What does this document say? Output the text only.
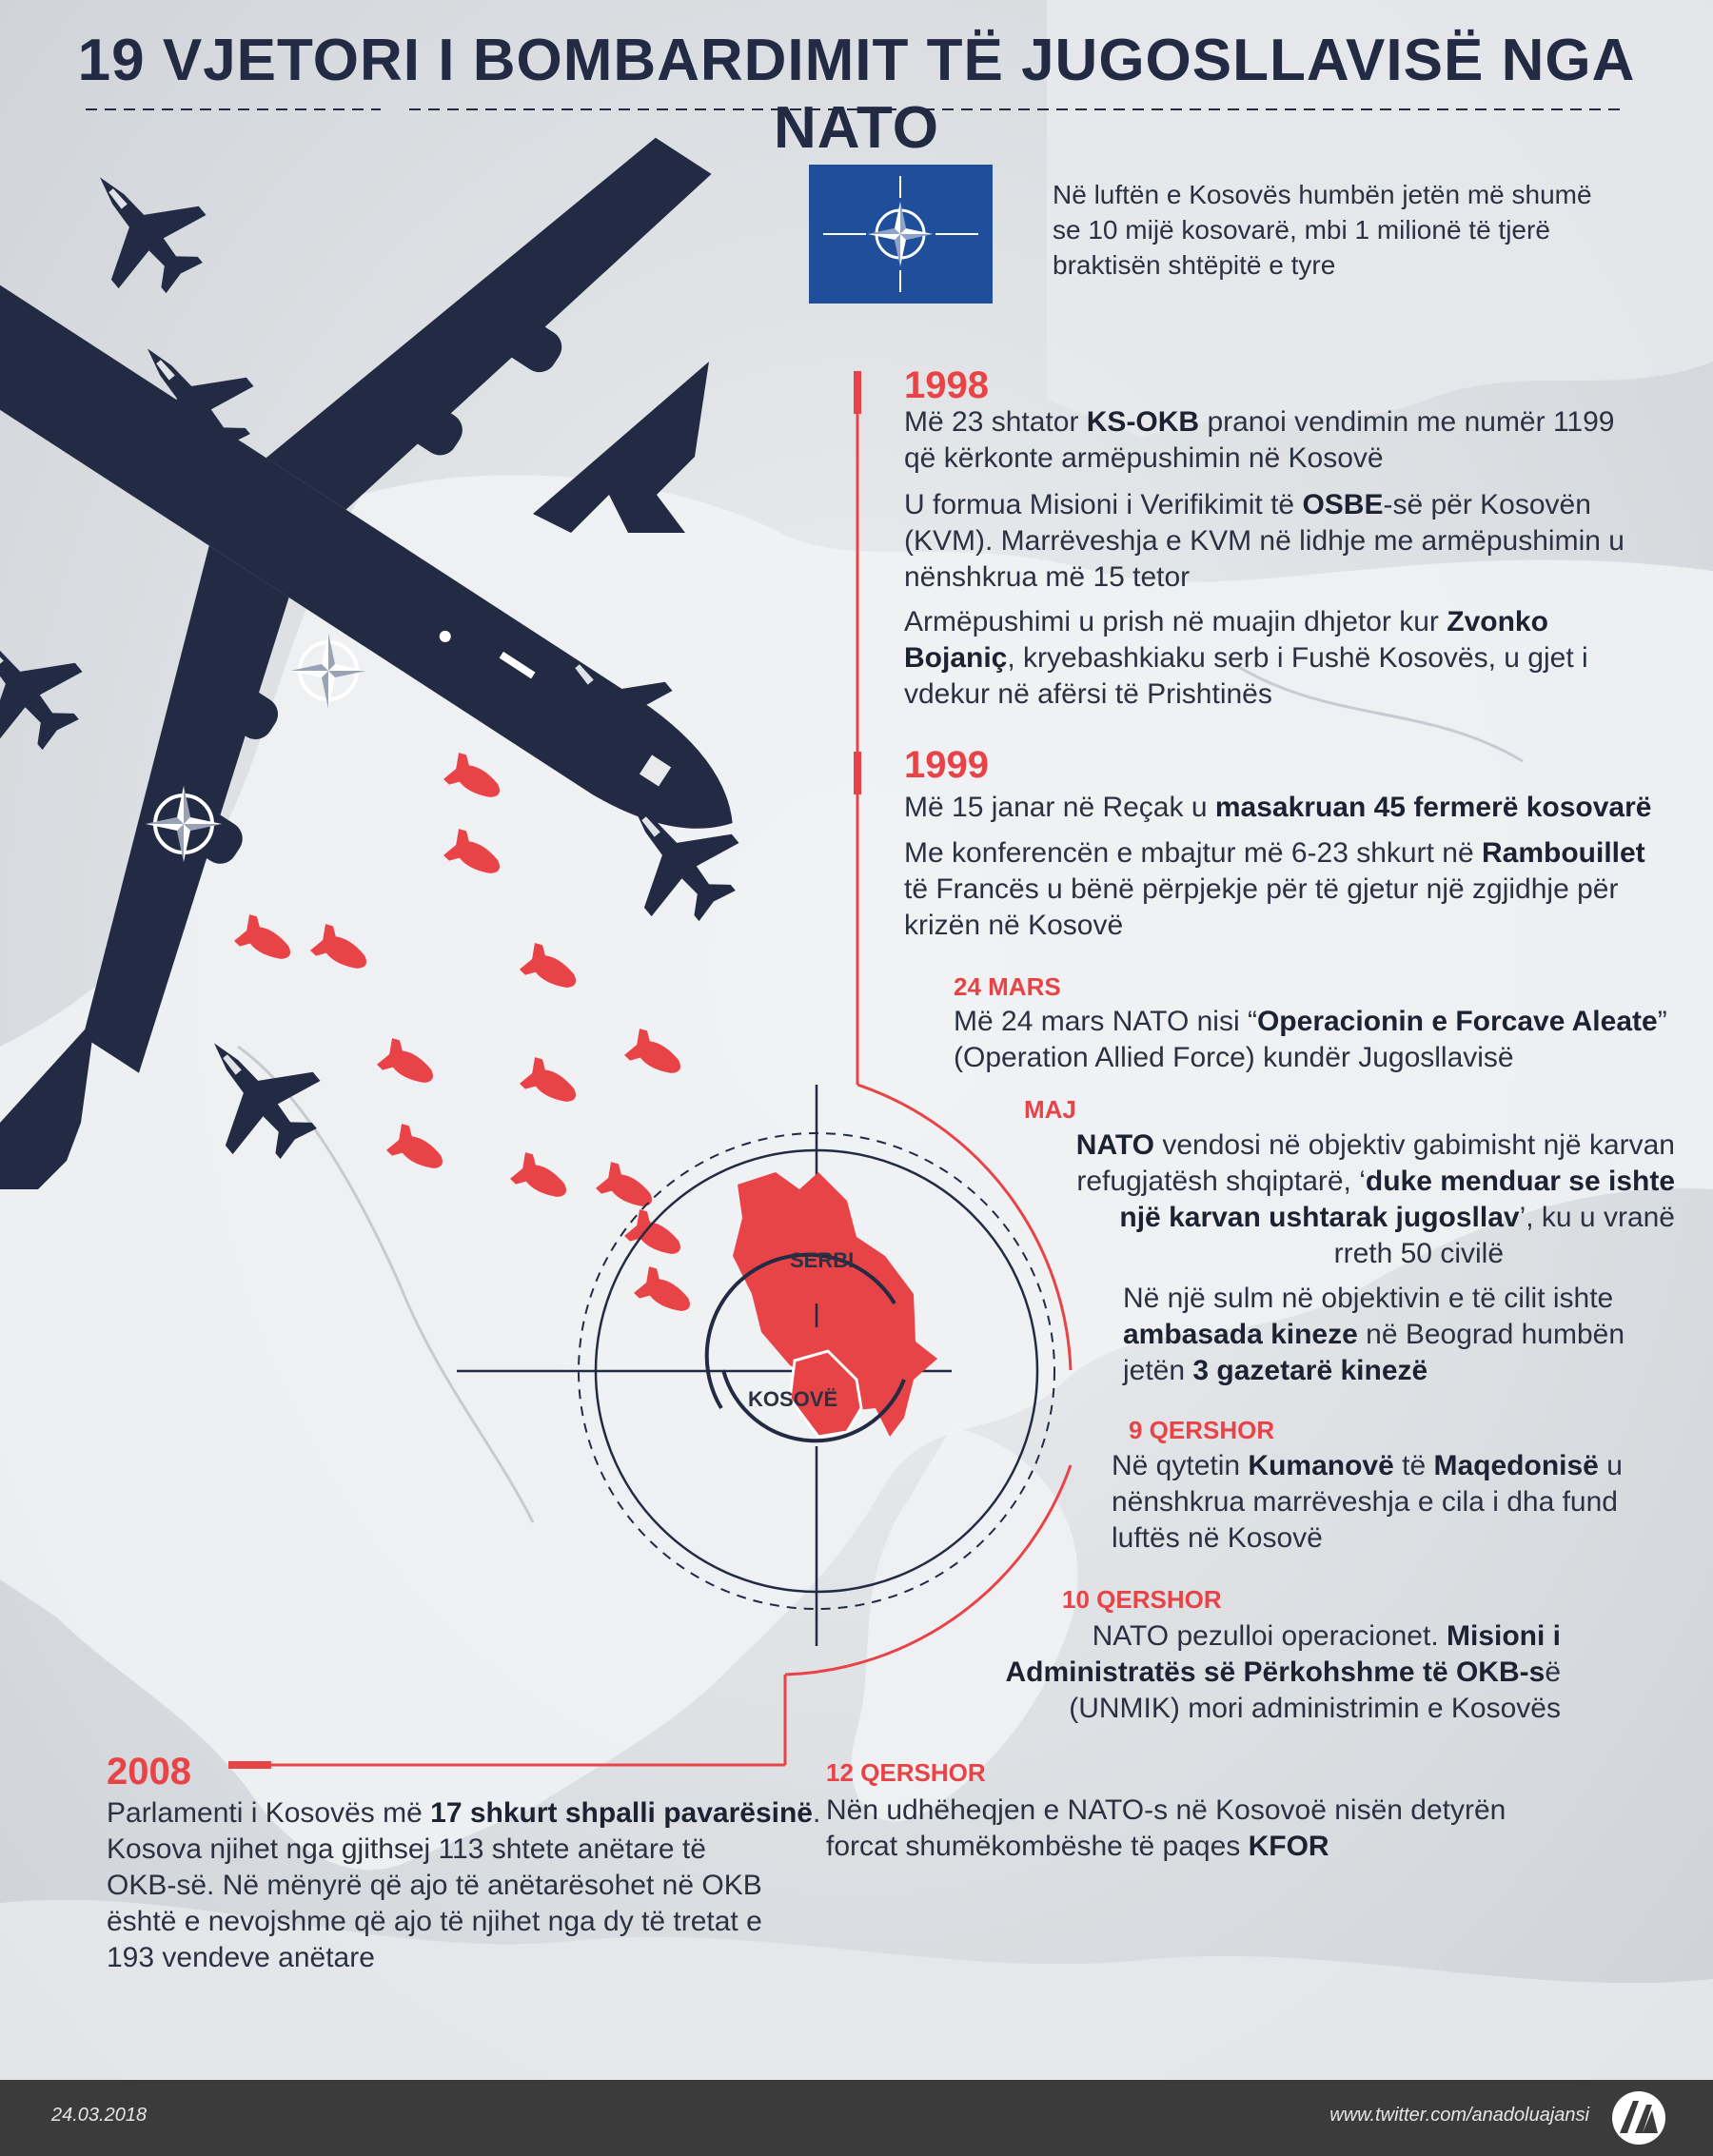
19 VJETORI I BOMBARDIMIT TË JUGOSLLAVISË NGA NATO

Në luftën e Kosovës humbën jetën më shumë se 10 mijë kosovarë, mbi 1 milionë të tjerë braktisën shtëpitë e tyre

SERBI
KOSOVË

1998

Më 23 shtator KS-OKB pranoi vendimin me numër 1199
që kërkonte armëpushimin në Kosovë

U formua Misioni i Verifikimit të OSBE-së për Kosovën
(KVM). Marrëveshja e KVM në lidhje me armëpushimin u
nënshkrua më 15 tetor

Armëpushimi u prish në muajin dhjetor kur Zvonko
Bojaniç, kryebashkiaku serb i Fushë Kosovës, u gjet i
vdekur në afërsi të Prishtinës

1999

Më 15 janar në Reçak u masakruan 45 fermerë kosovarë

Me konferencën e mbajtur më 6-23 shkurt në Rambouillet
të Francës u bënë përpjekje për të gjetur një zgjidhje për
krizën në Kosovë

24 MARS

Më 24 mars NATO nisi “Operacionin e Forcave Aleate”
(Operation Allied Force) kundër Jugosllavisë

MAJ

NATO vendosi në objektiv gabimisht një karvan
refugjatësh shqiptarë, ‘duke menduar se ishte
një karvan ushtarak jugosllav’, ku u vranë
rreth 50 civilë

Në një sulm në objektivin e të cilit ishte
ambasada kineze në Beograd humbën
jetën 3 gazetarë kinezë

9 QERSHOR

Në qytetin Kumanovë të Maqedonisë u
nënshkrua marrëveshja e cila i dha fund
luftës në Kosovë

10 QERSHOR

NATO pezulloi operacionet. Misioni i
Administratës së Përkohshme të OKB-së
(UNMIK) mori administrimin e Kosovës

12 QERSHOR

Nën udhëheqjen e NATO-s në Kosovoë nisën detyrën
forcat shumëkombëshe të paqes KFOR

2008

Parlamenti i Kosovës më 17 shkurt shpalli pavarësinë.
Kosova njihet nga gjithsej 113 shtete anëtare të
OKB-së. Në mënyrë që ajo të anëtarësohet në OKB
është e nevojshme që ajo të njihet nga dy të tretat e
193 vendeve anëtare

24.03.2018	www.twitter.com/anadoluajansi
